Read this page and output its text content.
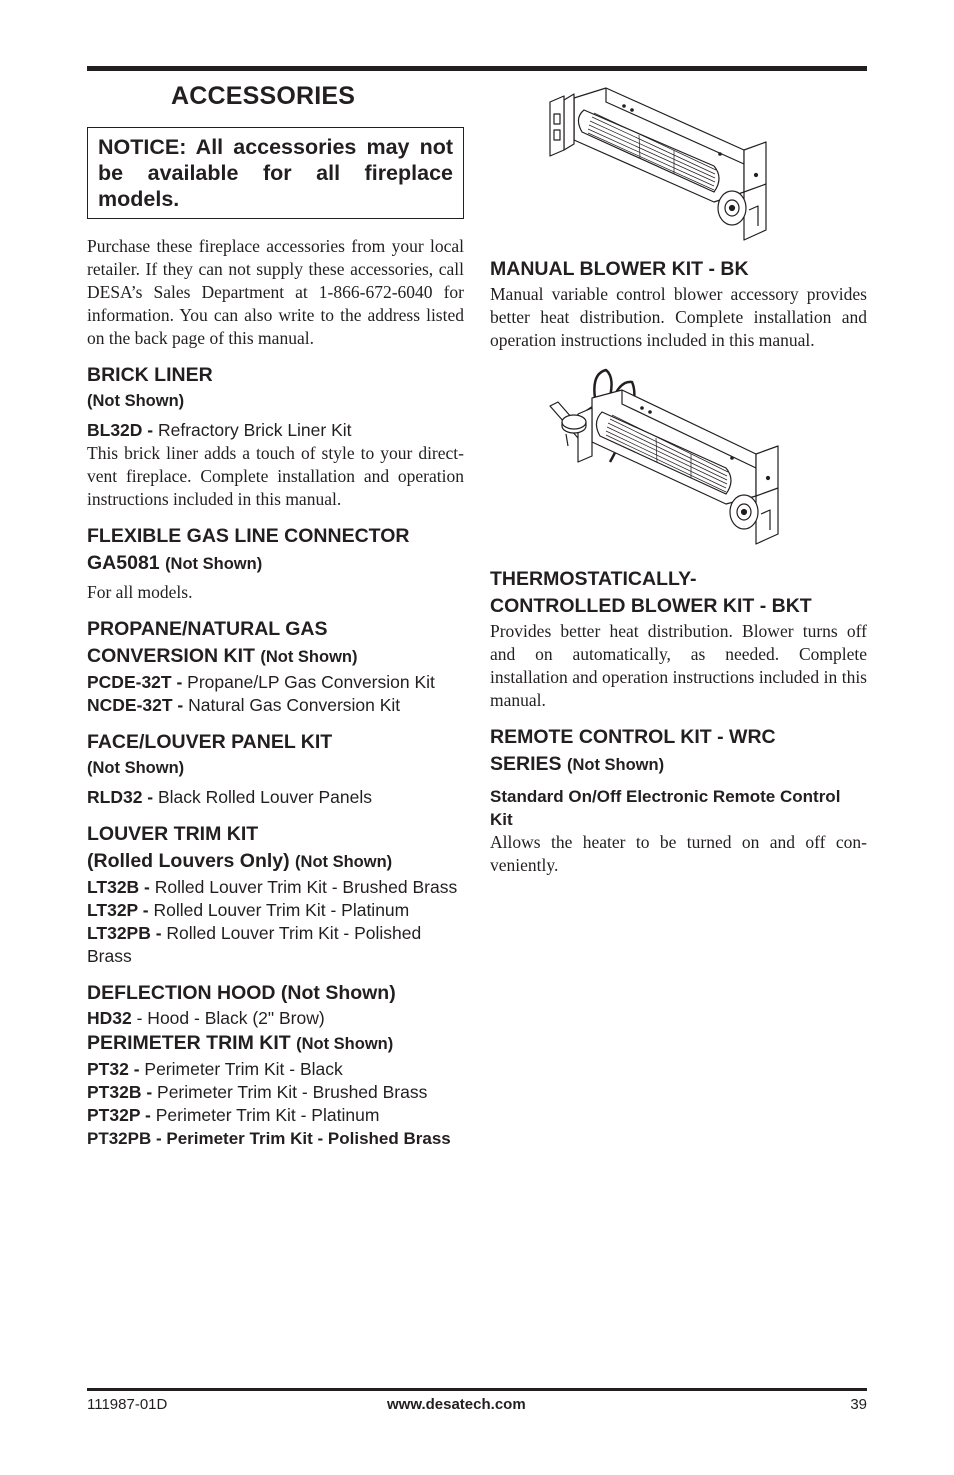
ACCESSORIES
NOTICE: All accessories may not be available for all fireplace models.

Purchase these fireplace accessories from your local retailer. If they can not supply these accessories, call DESA’s Sales Department at 1-866-672-6040 for information. You can also write to the address listed on the back page of this manual.

BRICK LINER

(Not Shown)

BL32D - Refractory Brick Liner Kit

This brick liner adds a touch of style to your direct-vent fireplace. Complete installation and operation instructions included in this manual.

FLEXIBLE GAS LINE CONNECTOR

GA5081 (Not Shown)

For all models.

PROPANE/NATURAL GAS

CONVERSION KIT (Not Shown)

PCDE-32T - Propane/LP Gas Conversion Kit

NCDE-32T - Natural Gas Conversion Kit

FACE/LOUVER PANEL KIT

(Not Shown)

RLD32 - Black Rolled Louver Panels

LOUVER TRIM KIT

(Rolled Louvers Only) (Not Shown)

LT32B - Rolled Louver Trim Kit - Brushed Brass

LT32P - Rolled Louver Trim Kit - Platinum

LT32PB - Rolled Louver Trim Kit - Polished Brass

DEFLECTION HOOD (Not Shown)

HD32 - Hood - Black (2" Brow)

PERIMETER TRIM KIT (Not Shown)

PT32 - Perimeter Trim Kit - Black

PT32B - Perimeter Trim Kit - Brushed Brass

PT32P - Perimeter Trim Kit - Platinum

PT32PB - Perimeter Trim Kit - Polished Brass

MANUAL BLOWER KIT - BK

Manual variable control blower accessory provides better heat distribution. Complete installation and operation instructions included in this manual.

THERMOSTATICALLY-

CONTROLLED BLOWER KIT - BKT

Provides better heat distribution. Blower turns off and on automatically, as needed. Complete installation and operation instructions included in this manual.

REMOTE CONTROL KIT - WRC

SERIES (Not Shown)

Standard On/Off Electronic Remote Control Kit

Allows the heater to be turned on and off con-veniently.

111987-01D	www.desatech.com	39
